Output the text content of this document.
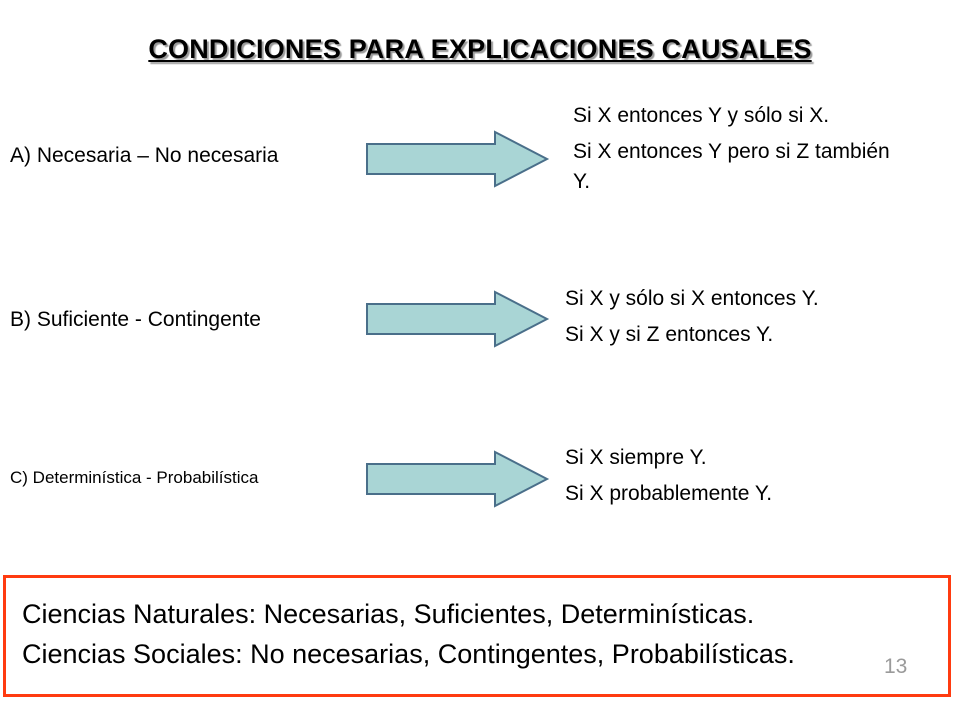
CONDICIONES PARA EXPLICACIONES CAUSALES
A) Necesaria – No necesaria

Si X entonces Y y sólo si X.

Si X entonces Y pero si Z también Y.

B) Suficiente - Contingente

Si X y sólo si X entonces Y.

Si X y si Z entonces Y.

C) Determinística - Probabilística

Si X siempre Y.

Si X probablemente Y.

Ciencias Naturales: Necesarias, Suficientes, Determinísticas.

Ciencias Sociales: No necesarias, Contingentes, Probabilísticas.	13
